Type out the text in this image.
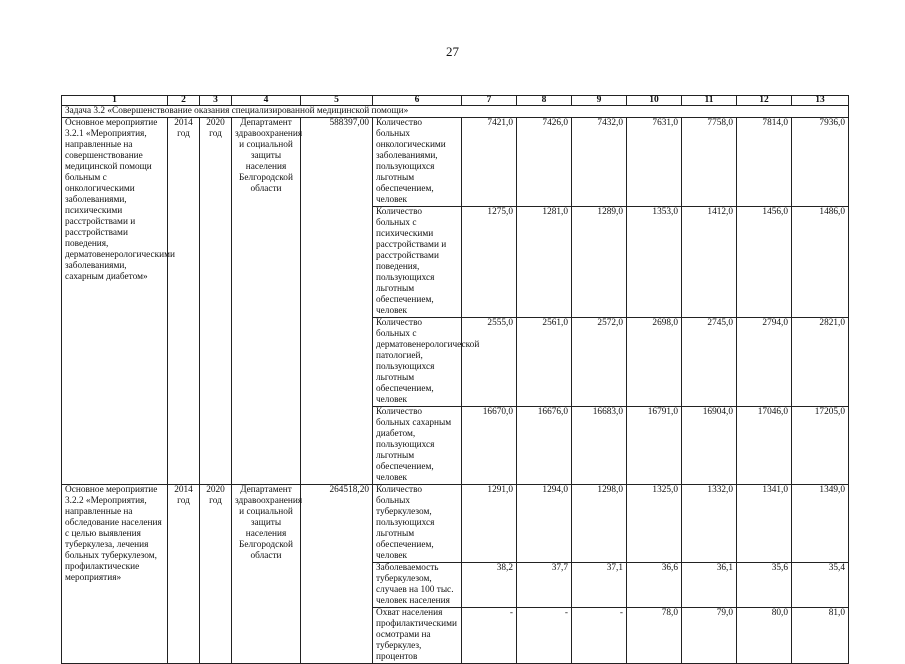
27
1	2	3	4	5	6	7	8	9	10	11	12	13
Задача 3.2 «Совершенствование оказания специализированной медицинской помощи»												
Основное мероприятие 3.2.1 «Мероприятия, направленные на совершенствование медицинской помощи больным с онкологическими заболеваниями, психическими расстройствами и расстройствами поведения, дерматовенерологическими заболеваниями, сахарным диабетом»	2014 год	2020 год	Департамент здравоохранения и социальной защиты населения Белгородской области	588397,00	Количество больных онкологическими заболеваниями, пользующихся льготным обеспечением, человек	7421,0	7426,0	7432,0	7631,0	7758,0	7814,0	7936,0
					Количество больных с психическими расстройствами и расстройствами поведения, пользующихся льготным обеспечением, человек	1275,0	1281,0	1289,0	1353,0	1412,0	1456,0	1486,0
					Количество больных с дерматовенерологической патологией, пользующихся льготным обеспечением, человек	2555,0	2561,0	2572,0	2698,0	2745,0	2794,0	2821,0
					Количество больных сахарным диабетом, пользующихся льготным обеспечением, человек	16670,0	16676,0	16683,0	16791,0	16904,0	17046,0	17205,0
Основное мероприятие 3.2.2 «Мероприятия, направленные на обследование населения с целью выявления туберкулеза, лечения больных туберкулезом, профилактические мероприятия»	2014 год	2020 год	Департамент здравоохранения и социальной защиты населения Белгородской области	264518,20	Количество больных туберкулезом, пользующихся льготным обеспечением, человек	1291,0	1294,0	1298,0	1325,0	1332,0	1341,0	1349,0
					Заболеваемость туберкулезом, случаев на 100 тыс. человек населения	38,2	37,7	37,1	36,6	36,1	35,6	35,4
					Охват населения профилактическими осмотрами на туберкулез, процентов	-	-	-	78,0	79,0	80,0	81,0
